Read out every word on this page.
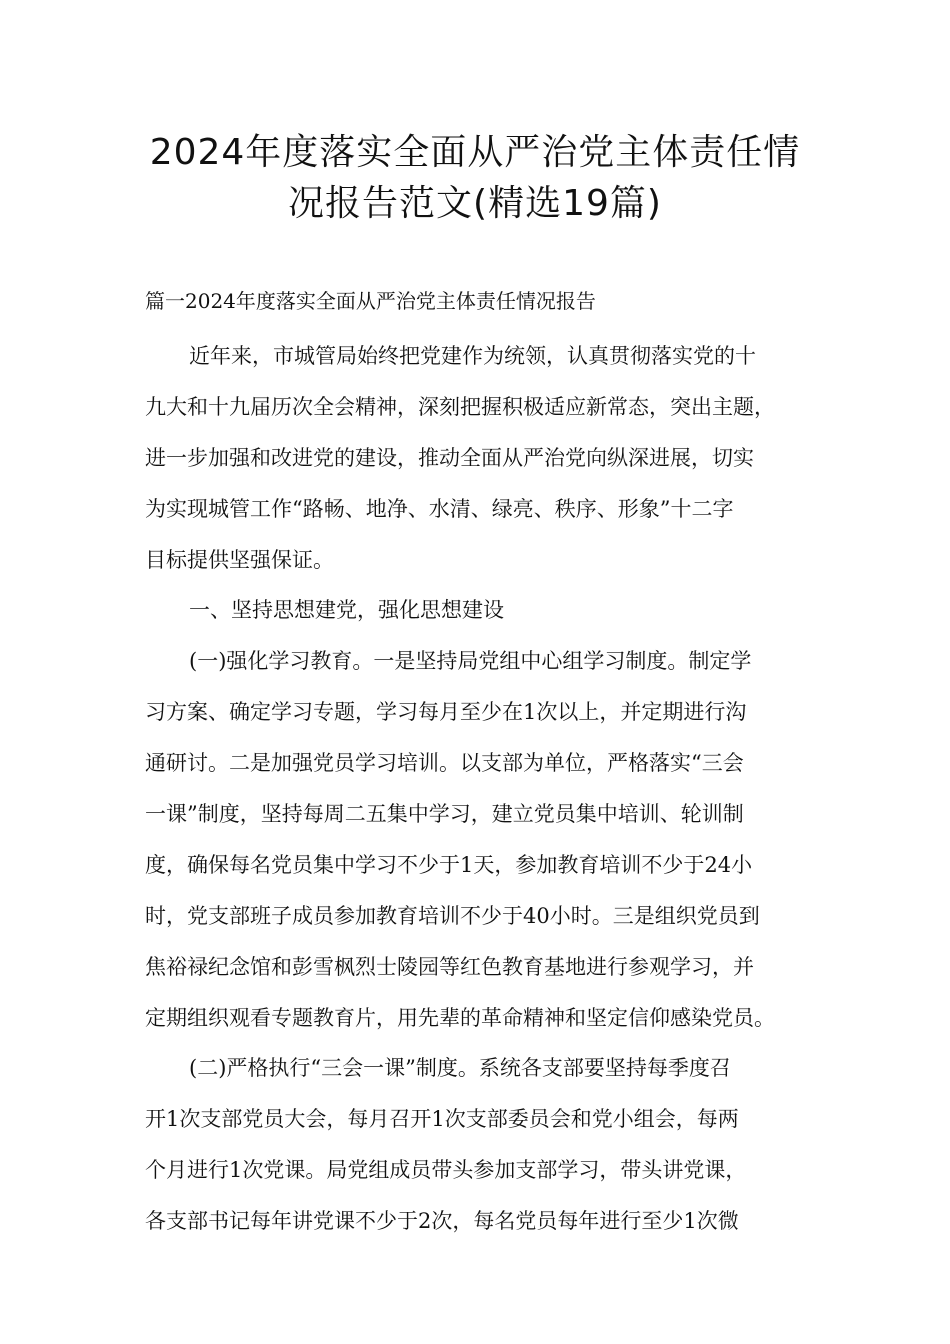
2024年度落实全面从严治党主体责任情
况报告范文(精选19篇)
篇一2024年度落实全面从严治党主体责任情况报告
近年来，市城管局始终把党建作为统领，认真贯彻落实党的十
九大和十九届历次全会精神，深刻把握积极适应新常态，突出主题，
进一步加强和改进党的建设，推动全面从严治党向纵深进展，切实
为实现城管工作“路畅、地净、水清、绿亮、秩序、形象”十二字
目标提供坚强保证。
一、坚持思想建党，强化思想建设
(一)强化学习教育。一是坚持局党组中心组学习制度。制定学
习方案、确定学习专题，学习每月至少在1次以上，并定期进行沟
通研讨。二是加强党员学习培训。以支部为单位，严格落实“三会
一课”制度，坚持每周二五集中学习，建立党员集中培训、轮训制
度，确保每名党员集中学习不少于1天，参加教育培训不少于24小
时，党支部班子成员参加教育培训不少于40小时。三是组织党员到
焦裕禄纪念馆和彭雪枫烈士陵园等红色教育基地进行参观学习，并
定期组织观看专题教育片，用先辈的革命精神和坚定信仰感染党员。
(二)严格执行“三会一课”制度。系统各支部要坚持每季度召
开1次支部党员大会，每月召开1次支部委员会和党小组会，每两
个月进行1次党课。局党组成员带头参加支部学习，带头讲党课，
各支部书记每年讲党课不少于2次，每名党员每年进行至少1次微
